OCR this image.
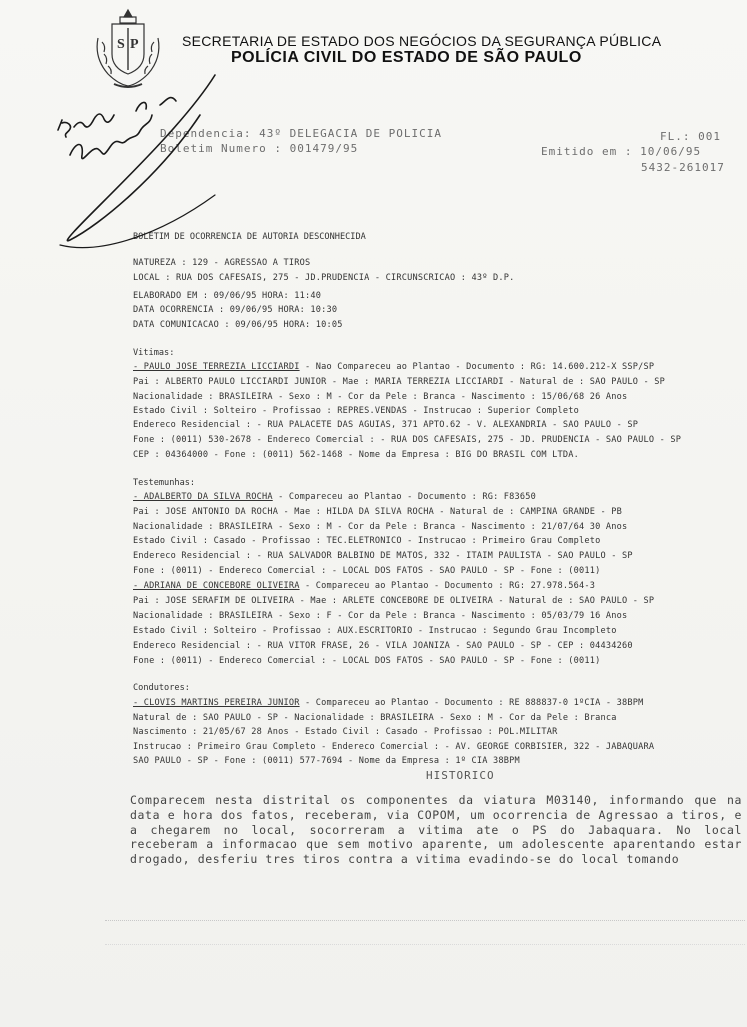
S P	SECRETARIA DE ESTADO DOS NEGÓCIOS DA SEGURANÇA PÚBLICA
POLÍCIA CIVIL DO ESTADO DE SÃO PAULO
Dependencia: 43º DELEGACIA DE POLICIA
Boletim Numero : 001479/95
FL.: 001
Emitido em : 10/06/95
5432-261017
BOLETIM DE OCORRENCIA DE AUTORIA DESCONHECIDA
NATUREZA : 129 - AGRESSAO A TIROS
LOCAL : RUA DOS CAFESAIS, 275 - JD.PRUDENCIA - CIRCUNSCRICAO : 43º D.P.
ELABORADO EM : 09/06/95 HORA: 11:40
DATA OCORRENCIA : 09/06/95 HORA: 10:30
DATA COMUNICACAO : 09/06/95 HORA: 10:05
Vitimas:
- PAULO JOSE TERREZIA LICCIARDI - Nao Compareceu ao Plantao - Documento : RG: 14.600.212-X SSP/SP
Pai : ALBERTO PAULO LICCIARDI JUNIOR - Mae : MARIA TERREZIA LICCIARDI - Natural de : SAO PAULO - SP
Nacionalidade : BRASILEIRA - Sexo : M - Cor da Pele : Branca - Nascimento : 15/06/68 26 Anos
Estado Civil : Solteiro - Profissao : REPRES.VENDAS - Instrucao : Superior Completo
Endereco Residencial : - RUA PALACETE DAS AGUIAS, 371 APTO.62 - V. ALEXANDRIA - SAO PAULO - SP
Fone : (0011) 530-2678 - Endereco Comercial : - RUA DOS CAFESAIS, 275 - JD. PRUDENCIA - SAO PAULO - SP
CEP : 04364000 - Fone : (0011) 562-1468 - Nome da Empresa : BIG DO BRASIL COM LTDA.
Testemunhas:
- ADALBERTO DA SILVA ROCHA - Compareceu ao Plantao - Documento : RG: F83650
Pai : JOSE ANTONIO DA ROCHA - Mae : HILDA DA SILVA ROCHA - Natural de : CAMPINA GRANDE - PB
Nacionalidade : BRASILEIRA - Sexo : M - Cor da Pele : Branca - Nascimento : 21/07/64 30 Anos
Estado Civil : Casado - Profissao : TEC.ELETRONICO - Instrucao : Primeiro Grau Completo
Endereco Residencial : - RUA SALVADOR BALBINO DE MATOS, 332 - ITAIM PAULISTA - SAO PAULO - SP
Fone : (0011) - Endereco Comercial : - LOCAL DOS FATOS - SAO PAULO - SP - Fone : (0011)
- ADRIANA DE CONCEBORE OLIVEIRA - Compareceu ao Plantao - Documento : RG: 27.978.564-3
Pai : JOSE SERAFIM DE OLIVEIRA - Mae : ARLETE CONCEBORE DE OLIVEIRA - Natural de : SAO PAULO - SP
Nacionalidade : BRASILEIRA - Sexo : F - Cor da Pele : Branca - Nascimento : 05/03/79 16 Anos
Estado Civil : Solteiro - Profissao : AUX.ESCRITORIO - Instrucao : Segundo Grau Incompleto
Endereco Residencial : - RUA VITOR FRASE, 26 - VILA JOANIZA - SAO PAULO - SP - CEP : 04434260
Fone : (0011) - Endereco Comercial : - LOCAL DOS FATOS - SAO PAULO - SP - Fone : (0011)
Condutores:
- CLOVIS MARTINS PEREIRA JUNIOR - Compareceu ao Plantao - Documento : RE 888837-0 1ºCIA - 38BPM
Natural de : SAO PAULO - SP - Nacionalidade : BRASILEIRA - Sexo : M - Cor da Pele : Branca
Nascimento : 21/05/67 28 Anos - Estado Civil : Casado - Profissao : POL.MILITAR
Instrucao : Primeiro Grau Completo - Endereco Comercial : - AV. GEORGE CORBISIER, 322 - JABAQUARA
SAO PAULO - SP - Fone : (0011) 577-7694 - Nome da Empresa : 1º CIA 38BPM
HISTORICO
Comparecem nesta distrital os componentes da viatura M03140, informando que na data e hora dos fatos, receberam, via COPOM, um ocorrencia de Agressao a tiros, e a chegarem no local, socorreram a vitima ate o PS do Jabaquara. No local receberam a informacao que sem motivo aparente, um adolescente aparentando estar drogado, desferiu tres tiros contra a vitima evadindo-se do local tomando
